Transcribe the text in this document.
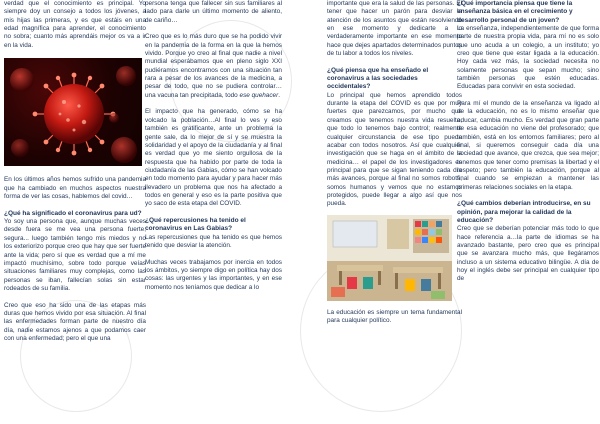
verdad que el conocimiento es principal. Yo siempre doy un consejo a todos los jóvenes, a mis hijas las primeras, y es que estáis en una edad magnífica para aprender, el conocimiento no sobra; cuanto más aprendáis mejor os va a ir en la vida.

En los últimos años hemos sufrido una pandemia que ha cambiado en muchos aspectos nuestra forma de ver las cosas, hablemos del covid…

¿Qué ha significado el coronavirus para ud?

Yo soy una persona que, aunque muchas veces desde fuera se me vea una persona fuerte, segura... luego también tengo mis miedos y no los exteriorizo porque creo que hay que ser fuerte ante la vida; pero sí que es verdad que a mí me impactó muchísimo, sobre todo porque veías situaciones familiares muy complejas, como las personas se iban, fallecían solas sin estar rodeados de su familia.

Creo que eso ha sido una de las etapas más duras que hemos vivido por esa situación. Al final las enfermedades forman parte de nuestro día día, nadie estamos ajenos a que podamos caer con una enfermedad; pero el que una

persona tenga que fallecer sin sus familiares al lado para darle un último momento de aliento, de cariño…

Creo que es lo más duro que se ha podido vivir en la pandemia de la forma en la que la hemos vivido. Porque yo creo al final que nadie a nivel mundial esperábamos que en pleno siglo XXI pudiéramos encontrarnos con una situación tan rara a pesar de los avances de la medicina, a pesar de todo, que no se pudiera controlar… una vacuna tan precipitada, todo ese quehacer.

El impacto que ha generado, cómo se ha volcado la población…Al final lo ves y eso también es gratificante, ante un problema la gente sale, da lo mejor de sí y se muestra la solidaridad y el apoyo de la ciudadanía y al final es verdad que yo me siento orgullosa de la respuesta que ha habido por parte de toda la ciudadanía de las Gabias, cómo se han volcado en todo momento para ayudar y para hacer más llevadero un problema que nos ha afectado a todos en general y eso es la parte positiva que yo saco de esta etapa del COVID.

¿Qué repercusiones ha tenido el coronavirus en Las Gabias?

Las repercusiones que ha tenido es que hemos tenido que desviar la atención.

Muchas veces trabajamos por inercia en todos los ámbitos, yo siempre digo en política hay dos cosas: las urgentes y las importantes, y en ese momento nos teníamos que dedicar a lo

importante que era la salud de las personas. El tener que hacer un parón para desviar la atención de los asuntos que están resolviendo en ese momento y dedicarte a lo verdaderamente importante en ese momento hace que dejes apartados determinados puntos de tu labor a todos los niveles.

¿Qué piensa que ha enseñado el coronavirus a las sociedades occidentales?

Lo principal que hemos aprendido todos durante la etapa del COVID es que por muy fuertes que parezcamos, por mucho que creamos que tenemos nuestra vida resuelta, que todo lo tenemos bajo control; realmente cualquier circunstancia de ese tipo puede acabar con todos nosotros. Así que cualquier investigación que se haga en el ámbito de la medicina… el papel de los investigadores es principal para que se sigan teniendo cada día más avances, porque al final no somos robots, somos humanos y vemos que no estamos protegidos, puede llegar a algo así que nos pueda.

La educación es siempre un tema fundamental para cualquier político.

¿Qué importancia piensa que tiene la enseñanza básica en el crecimiento y desarrollo personal de un joven?

La enseñanza, independientemente de que forma parte de nuestra propia vida, para mí no es solo que uno acuda a un colegio, a un instituto; yo creo que tiene que estar ligada a la educación. Hoy cada vez más, la sociedad necesita no solamente personas que sepan mucho; sino también personas que estén educadas. Educadas para convivir en esta sociedad.

Para mí el mundo de la enseñanza va ligado al de la educación, no es lo mismo enseñar que educar, cambia mucho. Es verdad que gran parte de esa educación no viene del profesorado; que también, está en los entornos familiares; pero al final, si queremos conseguir cada día una sociedad que avance, que crezca, que sea mejor; tenemos que tener como premisas la libertad y el respeto; pero también la educación, porque al final cuando se empiezan a mantener las primeras relaciones sociales en la etapa.

¿Qué cambios deberían introducirse, en su opinión, para mejorar la calidad de la educación?

Creo que se deberían potenciar más todo lo que hace referencia a…la parte de idiomas se ha avanzado bastante, pero creo que es principal que se avanzara mucho más, que llegáramos incluso a un sistema educativo bilingüe. A día de hoy el inglés debe ser principal en cualquier tipo de
